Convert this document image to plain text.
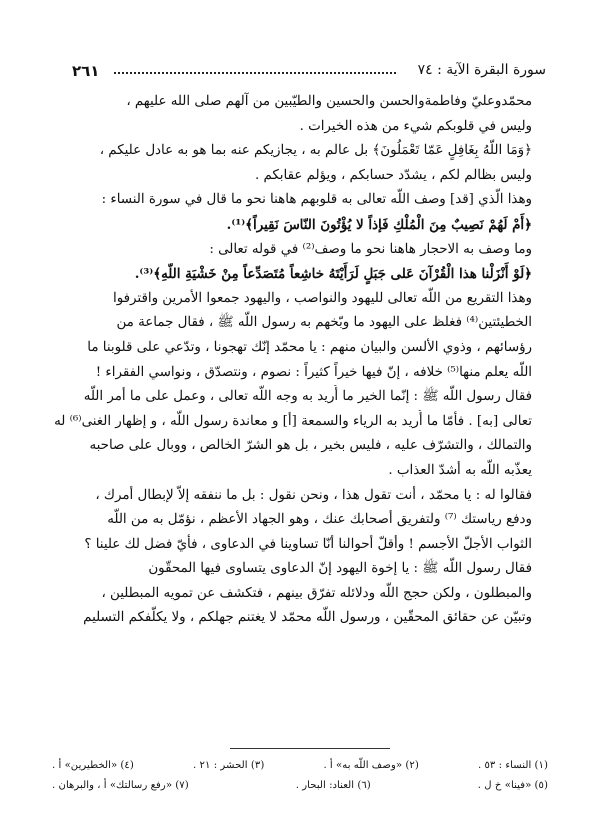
سورة البقرة الآية : ٧٤
٢٦١

محمّدوعليّ وفاطمةوالحسن والحسين والطيّبين من آلهم صلى الله عليهم ،
وليس في قلوبكم شيء من هذه الخيرات .

﴿وَمَا اللّهُ بِغَافِلٍ عَمّا تَعْمَلُونَ﴾ بل عالم به ، يجازيكم عنه بما هو به عادل عليكم ،
وليس بظالم لكم ، يشدّد حسابكم ، ويؤلم عقابكم .

وهذا الّذي [قد] وصف اللّه تعالى به قلوبهم هاهنا نحو ما قال في سورة النساء :
﴿أَمْ لَهُمْ نَصِيبٌ مِنَ الْمُلْكِ فَإذاً لا يُؤْتُونَ النّاسَ نَقِيراً﴾⁽¹⁾.

وما وصف به الاحجار هاهنا نحو ما وصف⁽²⁾ في قوله تعالى :
﴿لَوْ أَنْزَلْنا هذا الْقُرْآنَ عَلى جَبَلٍ لَرَأَيْتَهُ خاشِعاً مُتَصَدِّعاً مِنْ خَشْيَةِ اللّهِ﴾⁽³⁾.

وهذا التقريع من اللّه تعالى لليهود والنواصب ، واليهود جمعوا الأمرين واقترفوا
الخطيئتين⁽⁴⁾ فغلظ على اليهود ما وبّخهم به رسول اللّه ﷺ ، فقال جماعة من
رؤسائهم ، وذوي الألسن والبيان منهم : يا محمّد إنّك تهجونا ، وتدّعي على قلوبنا ما
اللّه يعلم منها⁽⁵⁾ خلافه ، إنّ فيها خيراً كثيراً : نصوم ، ونتصدّق ، ونواسي الفقراء !

فقال رسول اللّه ﷺ : إنّما الخير ما أُريد به وجه اللّه تعالى ، وعمل على ما أمر اللّه
تعالى [به] . فأمّا ما أُريد به الرياء والسمعة [أ] و معاندة رسول اللّه ، و إظهار الغنى⁽⁶⁾ له
والتمالك ، والتشرّف عليه ، فليس بخير ، بل هو الشرّ الخالص ، ووبال على صاحبه
يعذّبه اللّه به أشدّ العذاب .

فقالوا له : يا محمّد ، أنت تقول هذا ، ونحن نقول : بل ما ننفقه إلاّ لإبطال أمرك ،
ودفع رياستك ⁽⁷⁾ ولتفريق أصحابك عنك ، وهو الجهاد الأعظم ، نؤمّل به من اللّه
الثواب الأجلّ الأجسم ! وأقلّ أحوالنا أنّا تساوينا في الدعاوى ، فأيّ فضل لك علينا ؟

فقال رسول اللّه ﷺ : يا إخوة اليهود إنّ الدعاوى يتساوى فيها المحقّون
والمبطلون ، ولكن حجج اللّه ودلائله تفرّق بينهم ، فتكشف عن تمويه المبطلين ،
وتبيّن عن حقائق المحقّين ، ورسول اللّه محمّد لا يغتنم جهلكم ، ولا يكلّفكم التسليم

(١) النساء : ٥٣ .
(٢) «وصف اللّه به» أ .
(٣) الحشر : ٢١ .
(٤) «الخطيرين» أ .
(٥) «فينا» خ ل .
(٦) العناد: البحار .
(٧) «رفع رسالتك» أ ، والبرهان .
